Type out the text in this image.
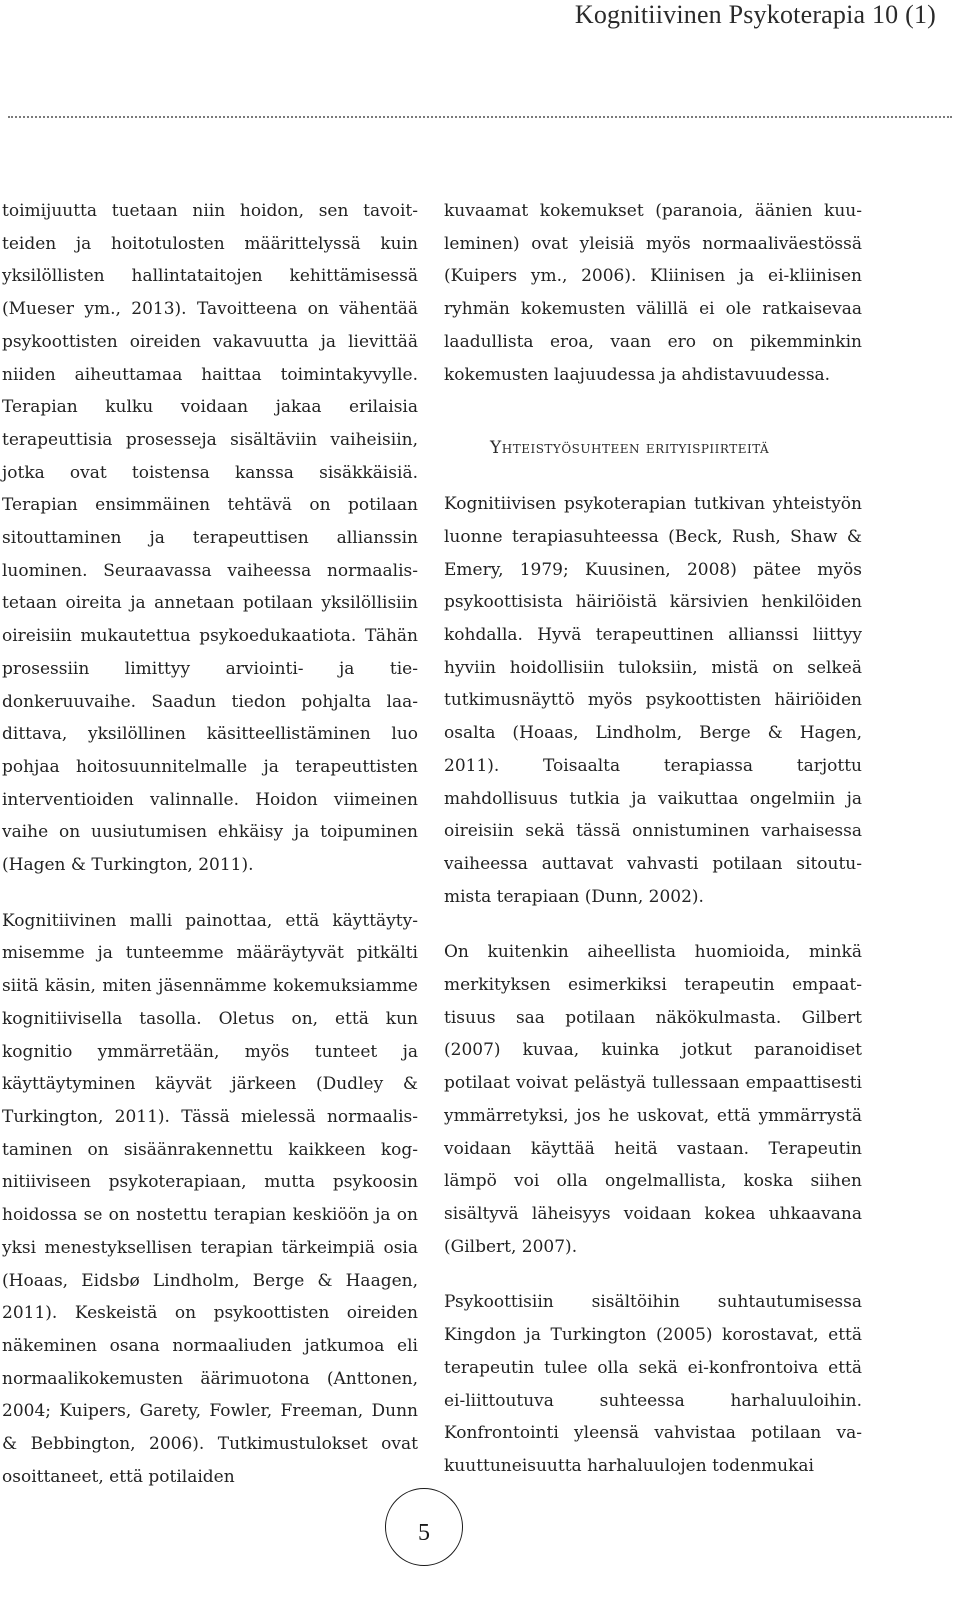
Kognitiivinen Psykoterapia 10 (1)

toimijuutta tuetaan niin hoidon, sen tavoitteiden ja hoitotulosten määrittelyssä kuin yksilöllisten hallintataitojen kehittämisessä (Mueser ym., 2013). Tavoitteena on vähentää psykoottisten oireiden vakavuutta ja lievittää niiden aiheuttamaa haittaa toimintakyvylle. Terapian kulku voidaan jakaa erilaisia terapeuttisia prosesseja sisältäviin vaiheisiin, jotka ovat toistensa kanssa sisäkkäisiä. Terapian ensimmäinen tehtävä on potilaan sitouttaminen ja terapeuttisen allianssin luominen. Seuraavassa vaiheessa normaalistetaan oireita ja annetaan potilaan yksilöllisiin oireisiin mukautettua psykoedukaatiota. Tähän prosessiin limittyy arviointi- ja tiedonkeruuvaihe. Saadun tiedon pohjalta laadittava, yksilöllinen käsitteellistäminen luo pohjaa hoitosuunnitelmalle ja terapeuttisten interventioiden valinnalle. Hoidon viimeinen vaihe on uusiutumisen ehkäisy ja toipuminen (Hagen & Turkington, 2011).

Kognitiivinen malli painottaa, että käyttäytymisemme ja tunteemme määräytyvät pitkälti siitä käsin, miten jäsennämme kokemuksiamme kognitiivisella tasolla. Oletus on, että kun kognitio ymmärretään, myös tunteet ja käyttäytyminen käyvät järkeen (Dudley & Turkington, 2011). Tässä mielessä normaalistaminen on sisäänrakennettu kaikkeen kognitiiviseen psykoterapiaan, mutta psykoosin hoidossa se on nostettu terapian keskiöön ja on yksi menestyksellisen terapian tärkeimpiä osia (Hoaas, Eidsbø Lindholm, Berge & Haagen, 2011). Keskeistä on psykoottisten oireiden näkeminen osana normaaliuden jatkumoa eli normaalikokemusten äärimuotona (Anttonen, 2004; Kuipers, Garety, Fowler, Freeman, Dunn & Bebbington, 2006). Tutkimustulokset ovat osoittaneet, että potilaiden

kuvaamat kokemukset (paranoia, äänien kuuleminen) ovat yleisiä myös normaaliväestössä (Kuipers ym., 2006). Kliinisen ja ei-kliinisen ryhmän kokemusten välillä ei ole ratkaisevaa laadullista eroa, vaan ero on pikemminkin kokemusten laajuudessa ja ahdistavuudessa.

Yhteistyösuhteen erityispiirteitä

Kognitiivisen psykoterapian tutkivan yhteistyön luonne terapiasuhteessa (Beck, Rush, Shaw & Emery, 1979; Kuusinen, 2008) pätee myös psykoottisista häiriöistä kärsivien henkilöiden kohdalla. Hyvä terapeuttinen allianssi liittyy hyviin hoidollisiin tuloksiin, mistä on selkeä tutkimusnäyttö myös psykoottisten häiriöiden osalta (Hoaas, Lindholm, Berge & Hagen, 2011). Toisaalta terapiassa tarjottu mahdollisuus tutkia ja vaikuttaa ongelmiin ja oireisiin sekä tässä onnistuminen varhaisessa vaiheessa auttavat vahvasti potilaan sitoutumista terapiaan (Dunn, 2002).

On kuitenkin aiheellista huomioida, minkä merkityksen esimerkiksi terapeutin empaattisuus saa potilaan näkökulmasta. Gilbert (2007) kuvaa, kuinka jotkut paranoidiset potilaat voivat pelästyä tullessaan empaattisesti ymmärretyksi, jos he uskovat, että ymmärrystä voidaan käyttää heitä vastaan. Terapeutin lämpö voi olla ongelmallista, koska siihen sisältyvä läheisyys voidaan kokea uhkaavana (Gilbert, 2007).

Psykoottisiin sisältöihin suhtautumisessa Kingdon ja Turkington (2005) korostavat, että terapeutin tulee olla sekä ei-konfrontoiva että ei-liittoutuva suhteessa harhaluuloihin. Konfrontointi yleensä vahvistaa potilaan vakuuttuneisuutta harhaluulojen todenmukai

5
